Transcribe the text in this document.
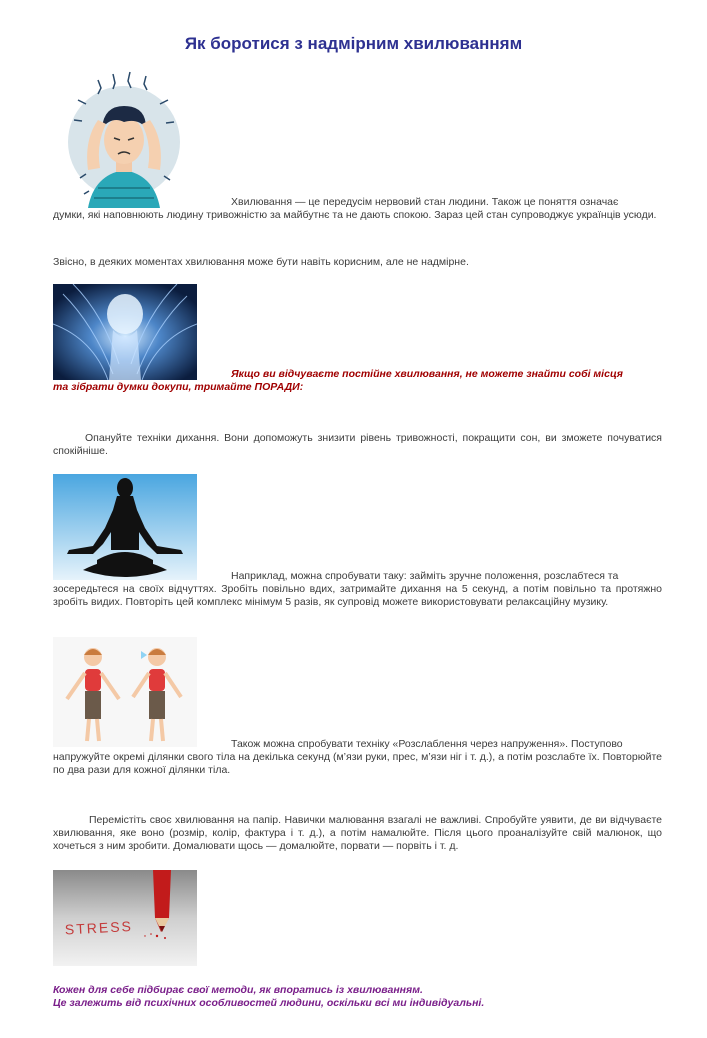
Як боротися з надмірним хвилюванням
Хвилювання — це передусім нервовий стан людини. Також це поняття означає
думки, які наповнюють людину тривожністю за майбутнє та не дають спокою. Зараз цей стан супроводжує українців усюди.
Звісно, в деяких моментах хвилювання може бути навіть корисним, але не надмірне.
Якщо ви відчуваєте постійне хвилювання, не можете знайти собі місця
та зібрати думки докупи, тримайте ПОРАДИ:
Опануйте техніки дихання. Вони допоможуть знизити рівень тривожності, покращити сон, ви зможете почуватися спокійніше.
Наприклад, можна спробувати таку: займіть зручне положення, розслабтеся та
зосередьтеся на своїх відчуттях. Зробіть повільно вдих, затримайте дихання на 5 секунд, а потім повільно та протяжно зробіть видих. Повторіть цей комплекс мінімум 5 разів, як супровід можете використовувати релаксаційну музику.
Також можна спробувати техніку «Розслаблення через напруження». Поступово
напружуйте окремі ділянки свого тіла на декілька секунд (м’язи руки, прес, м’язи ніг і т. д.), а потім розслабте їх. Повторюйте по два рази для кожної ділянки тіла.
Перемістіть своє хвилювання на папір. Навички малювання взагалі не важливі. Спробуйте уявити, де ви відчуваєте хвилювання, яке воно (розмір, колір, фактура і т. д.), а потім намалюйте. Після цього проаналізуйте свій малюнок, що хочеться з ним зробити. Домалювати щось — домалюйте, порвати — порвіть і т. д.
STRESS
Кожен для себе підбирає свої методи, як впоратись із хвилюванням.
Це залежить від психічних особливостей людини, оскільки всі ми індивідуальні.
